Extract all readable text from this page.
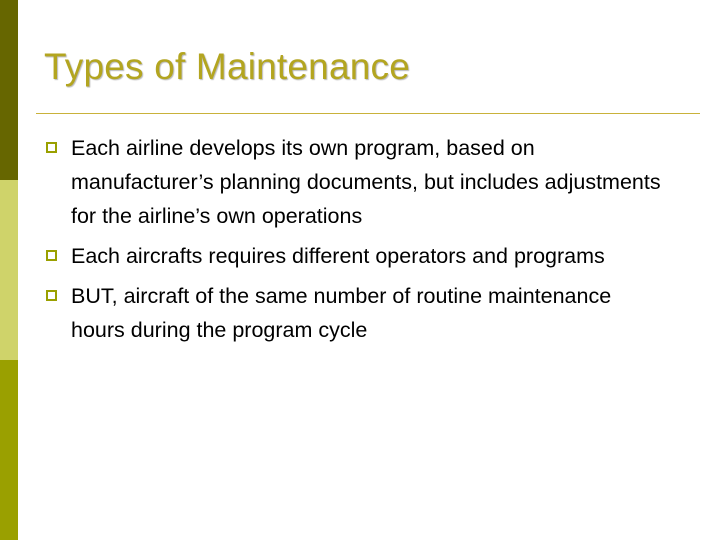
Types of Maintenance
Each airline develops its own program, based on manufacturer’s planning documents, but includes adjustments for the airline’s own operations
Each aircrafts requires different operators and programs
BUT, aircraft of the same number of routine maintenance hours during the program cycle
